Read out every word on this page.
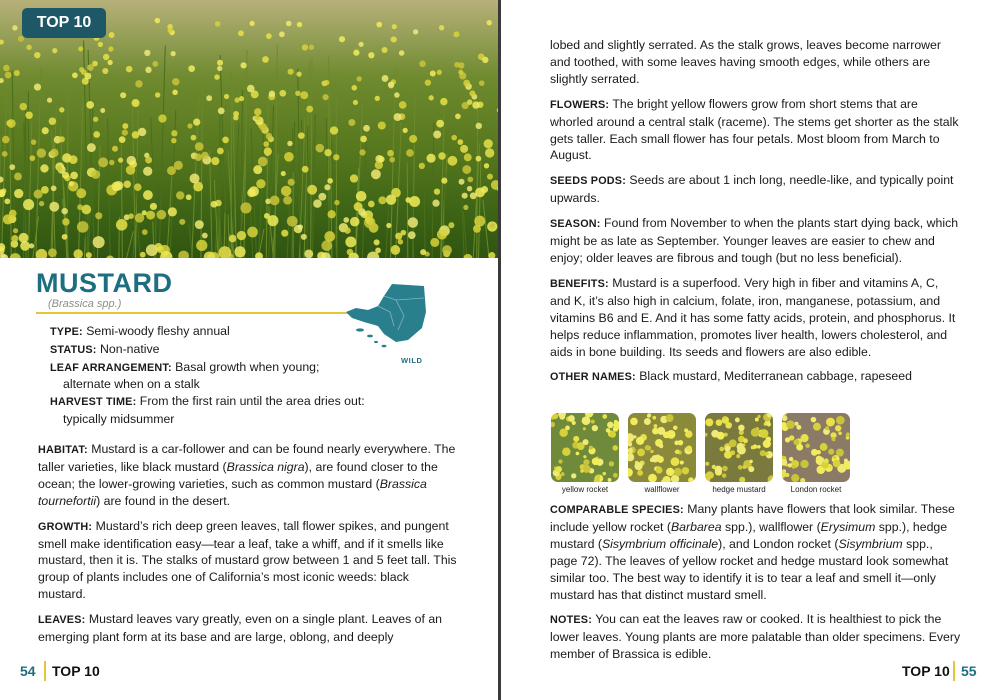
TOP 10
MUSTARD
(Brassica spp.)
WILD

TYPE: Semi-woody fleshy annual

STATUS: Non-native

LEAF ARRANGEMENT: Basal growth when young; alternate when on a stalk

HARVEST TIME: From the first rain until the area dries out: typically midsummer

HABITAT: Mustard is a car-follower and can be found nearly everywhere. The taller varieties, like black mustard (Brassica nigra), are found closer to the ocean; the lower-growing varieties, such as common mustard (Brassica tournefortii) are found in the desert.

GROWTH: Mustard’s rich deep green leaves, tall flower spikes, and pungent smell make identification easy—tear a leaf, take a whiff, and if it smells like mustard, then it is. The stalks of mustard grow between 1 and 5 feet tall. This group of plants includes one of California’s most iconic weeds: black mustard.

LEAVES: Mustard leaves vary greatly, even on a single plant. Leaves of an emerging plant form at its base and are large, oblong, and deeply

54 TOP 10

lobed and slightly serrated. As the stalk grows, leaves become narrower and toothed, with some leaves having smooth edges, while others are slightly serrated.

FLOWERS: The bright yellow flowers grow from short stems that are whorled around a central stalk (raceme). The stems get shorter as the stalk gets taller. Each small flower has four petals. Most bloom from March to August.

SEEDS PODS: Seeds are about 1 inch long, needle-like, and typically point upwards.

SEASON: Found from November to when the plants start dying back, which might be as late as September. Younger leaves are easier to chew and enjoy; older leaves are fibrous and tough (but no less beneficial).

BENEFITS: Mustard is a superfood. Very high in fiber and vitamins A, C, and K, it’s also high in calcium, folate, iron, manganese, potassium, and vitamins B6 and E. And it has some fatty acids, protein, and phosphorus. It helps reduce inflammation, promotes liver health, lowers cholesterol, and aids in bone building. Its seeds and flowers are also edible.

OTHER NAMES: Black mustard, Mediterranean cabbage, rapeseed

yellow rocket	wallflower	hedge mustard	London rocket

COMPARABLE SPECIES: Many plants have flowers that look similar. These include yellow rocket (Barbarea spp.), wallflower (Erysimum spp.), hedge mustard (Sisymbrium officinale), and London rocket (Sisymbrium spp., page 72). The leaves of yellow rocket and hedge mustard look somewhat similar too. The best way to identify it is to tear a leaf and smell it—only mustard has that distinct mustard smell.

NOTES: You can eat the leaves raw or cooked. It is healthiest to pick the lower leaves. Young plants are more palatable than older specimens. Every member of Brassica is edible.

TOP 10 55
